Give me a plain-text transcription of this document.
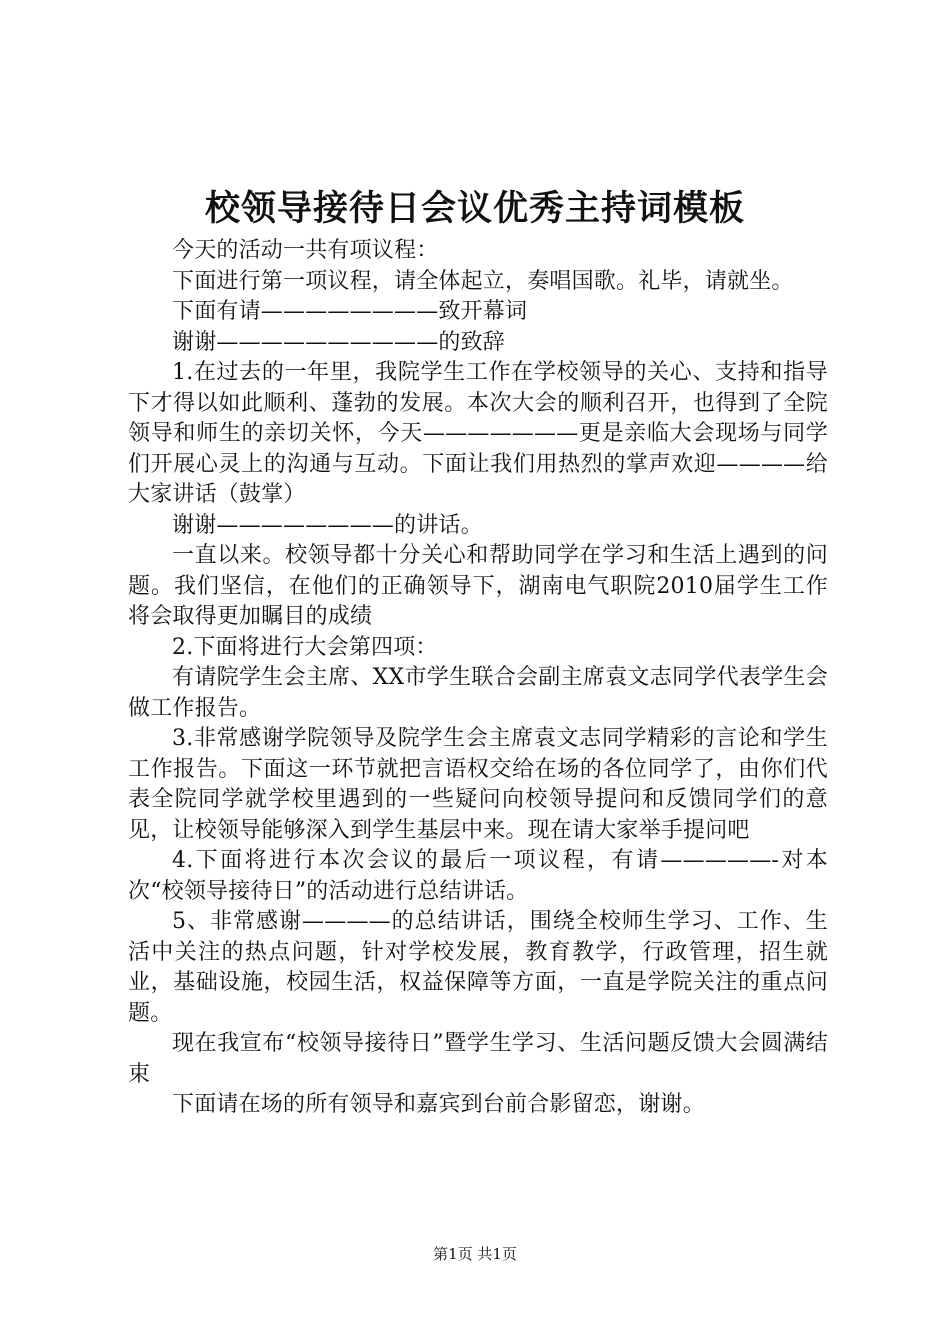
校领导接待日会议优秀主持词模板

今天的活动一共有项议程：

下面进行第一项议程，请全体起立，奏唱国歌。礼毕，请就坐。

下面有请————————致开幕词

谢谢——————————的致辞

1.在过去的一年里，我院学生工作在学校领导的关心、支持和指导下才得以如此顺利、蓬勃的发展。本次大会的顺利召开，也得到了全院领导和师生的亲切关怀，今天———————更是亲临大会现场与同学们开展心灵上的沟通与互动。下面让我们用热烈的掌声欢迎————给大家讲话（鼓掌）

谢谢————————的讲话。

一直以来。校领导都十分关心和帮助同学在学习和生活上遇到的问题。我们坚信，在他们的正确领导下，湖南电气职院2010届学生工作将会取得更加瞩目的成绩

2.下面将进行大会第四项：

有请院学生会主席、XX市学生联合会副主席袁文志同学代表学生会做工作报告。

3.非常感谢学院领导及院学生会主席袁文志同学精彩的言论和学生工作报告。下面这一环节就把言语权交给在场的各位同学了，由你们代表全院同学就学校里遇到的一些疑问向校领导提问和反馈同学们的意见，让校领导能够深入到学生基层中来。现在请大家举手提问吧

4.下面将进行本次会议的最后一项议程，有请—————-对本次“校领导接待日”的活动进行总结讲话。

5、非常感谢————的总结讲话，围绕全校师生学习、工作、生活中关注的热点问题，针对学校发展，教育教学，行政管理，招生就业，基础设施，校园生活，权益保障等方面，一直是学院关注的重点问题。

现在我宣布“校领导接待日”暨学生学习、生活问题反馈大会圆满结束

下面请在场的所有领导和嘉宾到台前合影留恋，谢谢。

第1页 共1页
